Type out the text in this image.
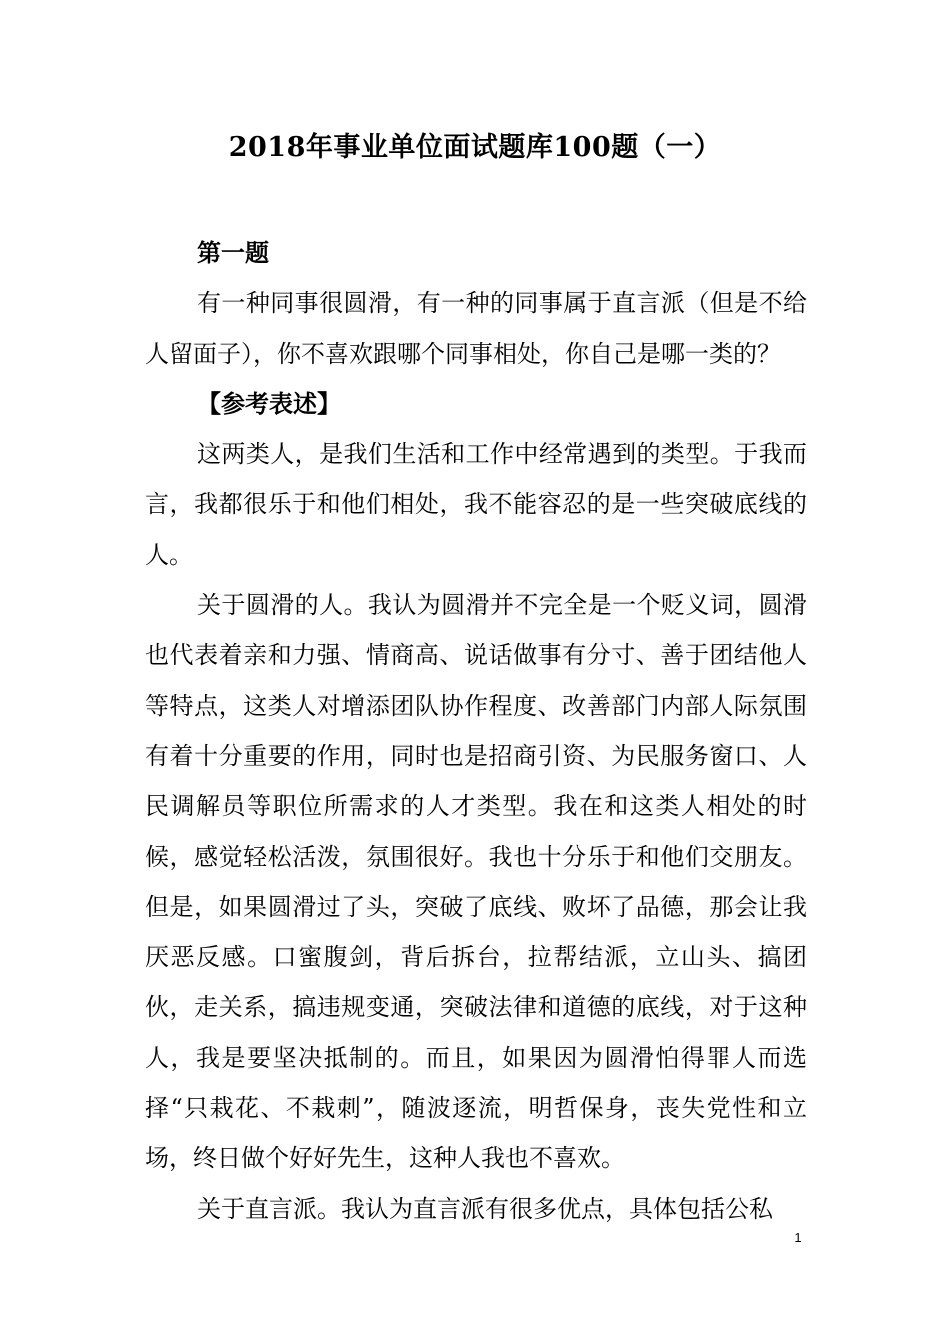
2018年事业单位面试题库100题（一）

第一题

有一种同事很圆滑，有一种的同事属于直言派（但是不给人留面子），你不喜欢跟哪个同事相处，你自己是哪一类的？

【参考表述】

这两类人，是我们生活和工作中经常遇到的类型。于我而言，我都很乐于和他们相处，我不能容忍的是一些突破底线的人。

关于圆滑的人。我认为圆滑并不完全是一个贬义词，圆滑也代表着亲和力强、情商高、说话做事有分寸、善于团结他人等特点，这类人对增添团队协作程度、改善部门内部人际氛围有着十分重要的作用，同时也是招商引资、为民服务窗口、人民调解员等职位所需求的人才类型。我在和这类人相处的时候，感觉轻松活泼，氛围很好。我也十分乐于和他们交朋友。但是，如果圆滑过了头，突破了底线、败坏了品德，那会让我厌恶反感。口蜜腹剑，背后拆台，拉帮结派，立山头、搞团伙，走关系，搞违规变通，突破法律和道德的底线，对于这种人，我是要坚决抵制的。而且，如果因为圆滑怕得罪人而选择“只栽花、不栽刺”，随波逐流，明哲保身，丧失党性和立场，终日做个好好先生，这种人我也不喜欢。

关于直言派。我认为直言派有很多优点，具体包括公私

1
